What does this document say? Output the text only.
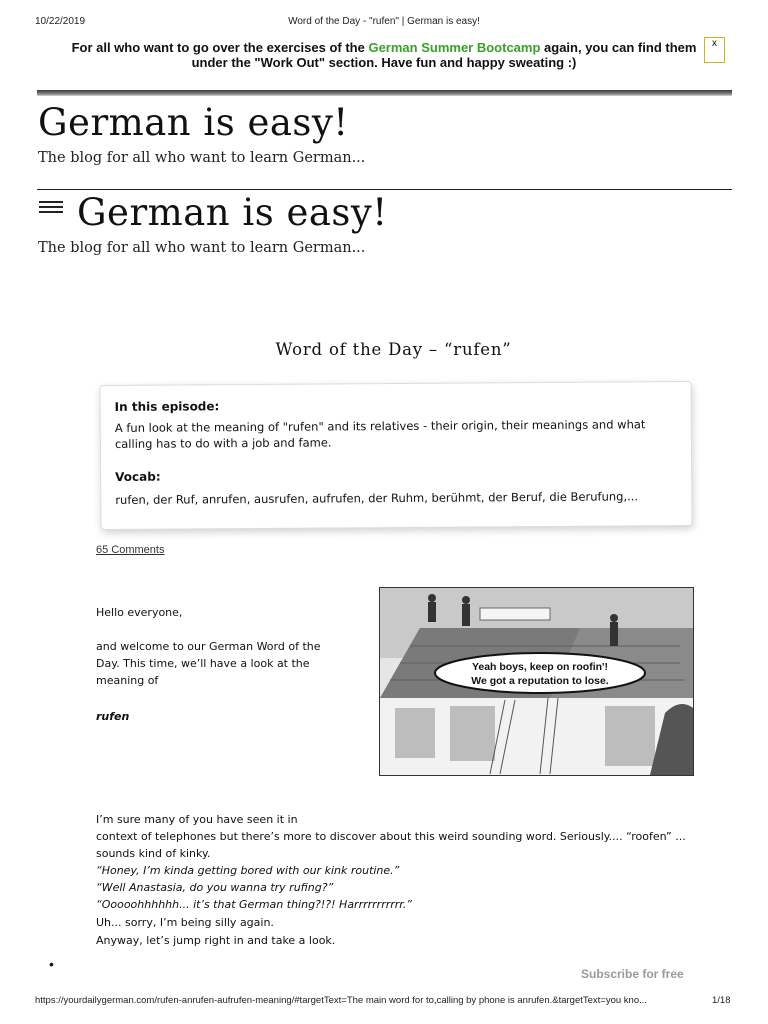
10/22/2019	Word of the Day - "rufen" | German is easy!
For all who want to go over the exercises of the German Summer Bootcamp again, you can find them
under the "Work Out" section. Have fun and happy sweating :)
x
German is easy!
The blog for all who want to learn German...
German is easy!
The blog for all who want to learn German...
Word of the Day – “rufen”
In this episode:
A fun look at the meaning of "rufen" and its relatives - their origin, their meanings and what
calling has to do with a job and fame.
Vocab:
rufen, der Ruf, anrufen, ausrufen, aufrufen, der Ruhm, berühmt, der Beruf, die Berufung,...
65 Comments
Hello everyone,
and welcome to our German Word of the
Day. This time, we’ll have a look at the
meaning of
rufen
Yeah boys, keep on roofin'!
We got a reputation to lose.
I’m sure many of you have seen it in
context of telephones but there’s more to discover about this weird sounding word. Seriously.... “roofen” ...
sounds kind of kinky.
“Honey, I’m kinda getting bored with our kink routine.”
“Well Anastasia, do you wanna try rufing?”
“Ooooohhhhhh... it’s that German thing?!?! Harrrrrrrrrrr.”
Uh... sorry, I’m being silly again.
Anyway, let’s jump right in and take a look.
•
Subscribe for free
https://yourdailygerman.com/rufen-anrufen-aufrufen-meaning/#targetText=The main word for to,calling by phone is anrufen.&targetText=you kno...	1/18
